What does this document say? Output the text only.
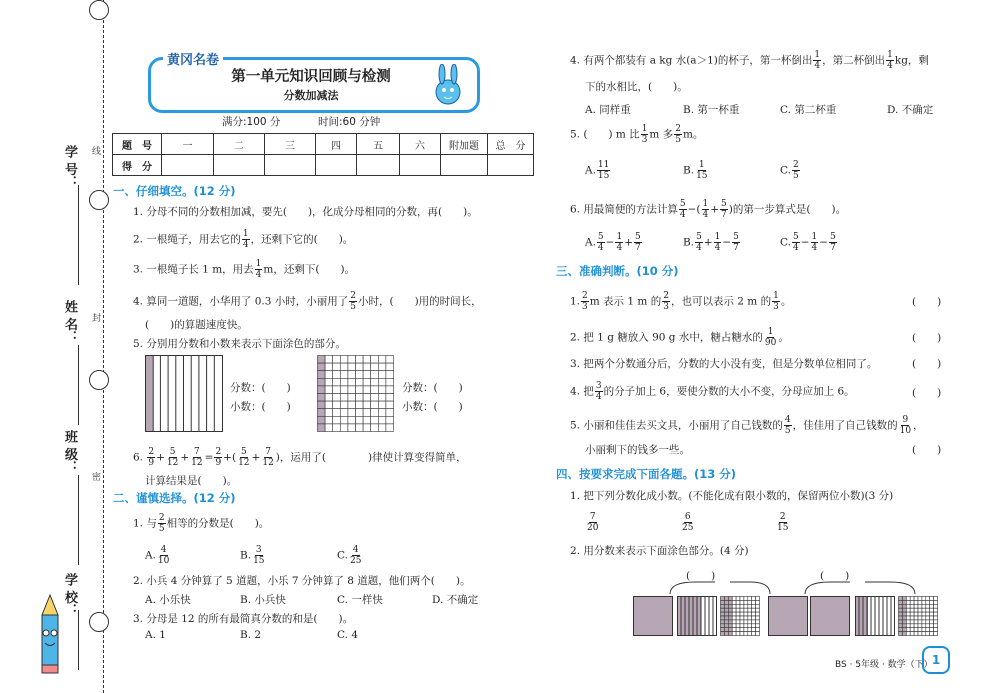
学 号：
姓 名：
班 级：
学 校：
线
封
密
黄冈名卷
第一单元知识回顾与检测
分数加减法
满分:100 分	时间:60 分钟
题　号	一	二	三	四	五	六	附加题	总　分
得　分								
一、仔细填空。(12 分)
1. 分母不同的分数相加减，要先(　　)，化成分母相同的分数，再(　　)。
2. 一根绳子，用去它的 $\frac{1}{4}$ ，还剩下它的(　　)。
3. 一根绳子长 1 m，用去 $\frac{1}{4}$ m，还剩下(　　)。
4. 算同一道题，小华用了 0.3 小时，小丽用了 $\frac{2}{5}$ 小时，(　　)用的时间长，
(　　)的算题速度快。
5. 分别用分数和小数来表示下面涂色的部分。
分数：(　　)
小数：(　　)
分数：(　　)
小数：(　　)
6. $\frac{2}{9} + \frac{5}{12} + \frac{7}{12} = \frac{2}{9}$ +( $\frac{5}{12} + \frac{7}{12}$ )，运用了(　　　　)律使计算变得简单，
计算结果是(　　)。
二、谨慎选择。(12 分)
1. 与 $\frac{2}{5}$ 相等的分数是(　　)。
A. $\frac{4}{10}$	B. $\frac{3}{15}$	C. $\frac{4}{25}$
2. 小兵 4 分钟算了 5 道题，小乐 7 分钟算了 8 道题，他们两个(　　)。
A. 小乐快	B. 小兵快	C. 一样快	D. 不确定
3. 分母是 12 的所有最简真分数的和是(　　)。
A. 1	B. 2	C. 4
4. 有两个都装有 a kg 水(a＞1)的杯子，第一杯倒出 $\frac{1}{4}$ ，第二杯倒出 $\frac{1}{4}$ kg，剩
下的水相比，(　　)。
A. 同样重	B. 第一杯重	C. 第二杯重	D. 不确定
5. (　　) m 比 $\frac{1}{3}$ m 多 $\frac{2}{5}$ m。
A. $\frac{11}{15}$	B. $\frac{1}{15}$	C. $\frac{2}{5}$
6. 用最简便的方法计算 $\frac{5}{4}$ −( $\frac{1}{4} + \frac{5}{7}$ )的第一步算式是(　　)。
A. $\frac{5}{4} - \frac{1}{4} + \frac{5}{7}$	B. $\frac{5}{4} + \frac{1}{4} - \frac{5}{7}$	C. $\frac{5}{4} - \frac{1}{4} - \frac{5}{7}$
三、准确判断。(10 分)
1. $\frac{2}{3}$ m 表示 1 m 的 $\frac{2}{3}$ ，也可以表示 2 m 的 $\frac{1}{3}$ 。	(　　)
2. 把 1 g 糖放入 90 g 水中，糖占糖水的 $\frac{1}{90}$ 。	(　　)
3. 把两个分数通分后，分数的大小没有变，但是分数单位相同了。	(　　)
4. 把 $\frac{3}{4}$ 的分子加上 6，要使分数的大小不变，分母应加上 6。	(　　)
5. 小丽和佳佳去买文具，小丽用了自己钱数的 $\frac{4}{5}$ ，佳佳用了自己钱数的 $\frac{9}{10}$ ，
小丽剩下的钱多一些。	(　　)
四、按要求完成下面各题。(13 分)
1. 把下列分数化成小数。(不能化成有限小数的，保留两位小数)(3 分)
$\frac{7}{20}$	$\frac{6}{25}$	$\frac{2}{15}$
2. 用分数来表示下面涂色部分。(4 分)
(　　)	(　　)
BS · 5年级 · 数学（下） 1
